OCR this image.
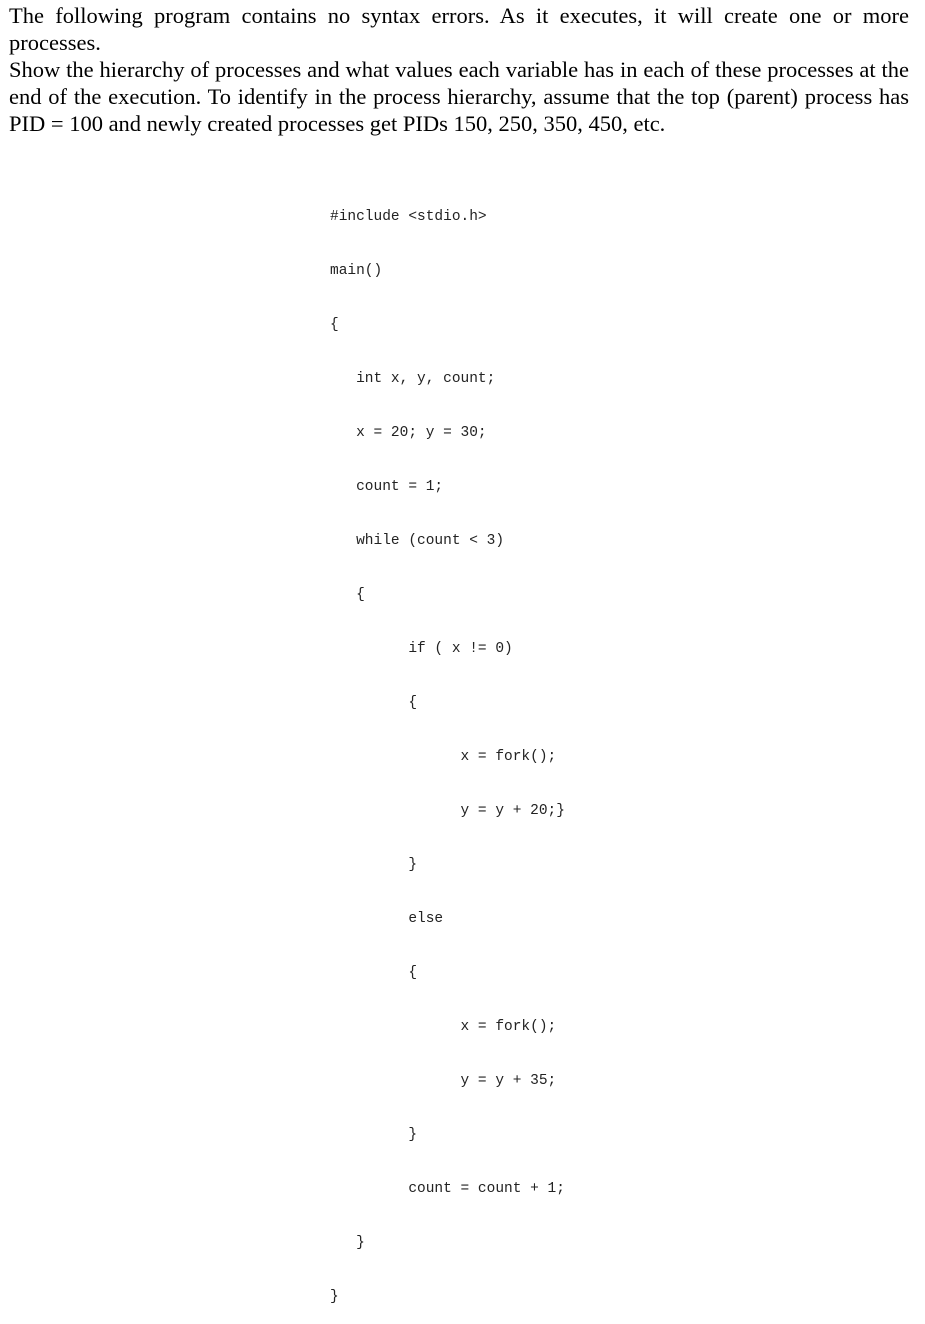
The following program contains no syntax errors. As it executes, it will create one or more processes.

Show the hierarchy of processes and what values each variable has in each of these processes at the end of the execution. To identify in the process hierarchy, assume that the top (parent) process has PID = 100 and newly created processes get PIDs 150, 250, 350, 450, etc.

#include <stdio.h>

main()

{

int x, y, count;

x = 20; y = 30;

count = 1;

while (count < 3)

{

if ( x != 0)

{

x = fork();

y = y + 20;}

}

else

{

x = fork();

y = y + 35;

}

count = count + 1;

}

}
